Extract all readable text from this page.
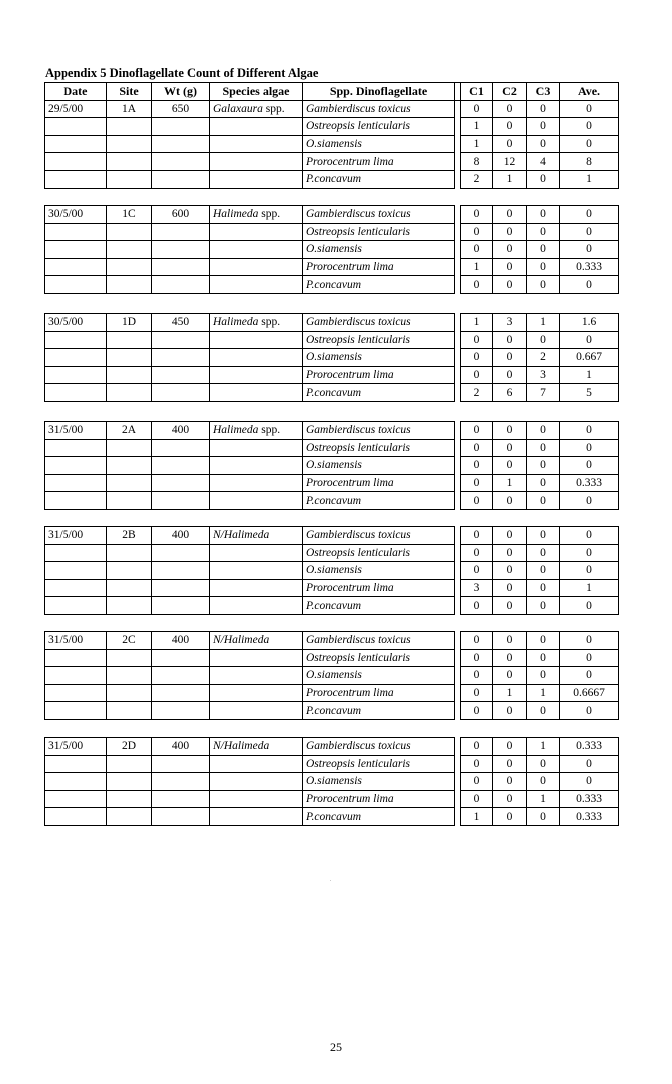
Appendix 5 Dinoflagellate Count of Different Algae
Date	Site	Wt (g)	Species algae	Spp. Dinoflagellate		C1	C2	C3	Ave.
29/5/00	1A	650	Galaxaura spp.	Gambierdiscus toxicus		0	0	0	0
				Ostreopsis lenticularis		1	0	0	0
				O.siamensis		1	0	0	0
				Prorocentrum lima		8	12	4	8
				P.concavum		2	1	0	1
30/5/00	1C	600	Halimeda spp.	Gambierdiscus toxicus		0	0	0	0
				Ostreopsis lenticularis		0	0	0	0
				O.siamensis		0	0	0	0
				Prorocentrum lima		1	0	0	0.333
				P.concavum		0	0	0	0
30/5/00	1D	450	Halimeda spp.	Gambierdiscus toxicus		1	3	1	1.6
				Ostreopsis lenticularis		0	0	0	0
				O.siamensis		0	0	2	0.667
				Prorocentrum lima		0	0	3	1
				P.concavum		2	6	7	5
31/5/00	2A	400	Halimeda spp.	Gambierdiscus toxicus		0	0	0	0
				Ostreopsis lenticularis		0	0	0	0
				O.siamensis		0	0	0	0
				Prorocentrum lima		0	1	0	0.333
				P.concavum		0	0	0	0
31/5/00	2B	400	N/Halimeda	Gambierdiscus toxicus		0	0	0	0
				Ostreopsis lenticularis		0	0	0	0
				O.siamensis		0	0	0	0
				Prorocentrum lima		3	0	0	1
				P.concavum		0	0	0	0
31/5/00	2C	400	N/Halimeda	Gambierdiscus toxicus		0	0	0	0
				Ostreopsis lenticularis		0	0	0	0
				O.siamensis		0	0	0	0
				Prorocentrum lima		0	1	1	0.6667
				P.concavum		0	0	0	0
31/5/00	2D	400	N/Halimeda	Gambierdiscus toxicus		0	0	1	0.333
				Ostreopsis lenticularis		0	0	0	0
				O.siamensis		0	0	0	0
				Prorocentrum lima		0	0	1	0.333
				P.concavum		1	0	0	0.333
25
